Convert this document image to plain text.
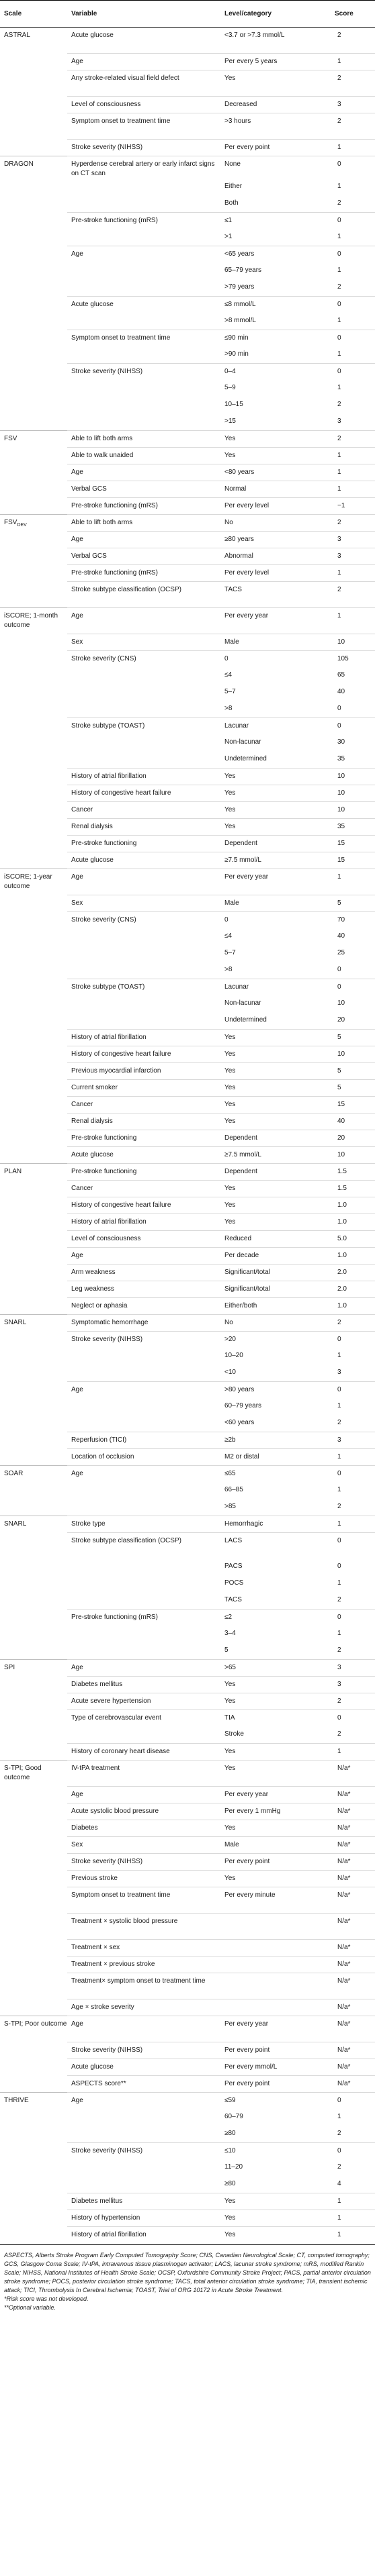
Scale	Variable	Level/category	Score
ASTRAL	Acute glucose	<3.7 or >7.3 mmol/L	2
	Age	Per every 5 years	1
	Any stroke-related visual field defect	Yes	2
	Level of consciousness	Decreased	3
	Symptom onset to treatment time	>3 hours	2
	Stroke severity (NIHSS)	Per every point	1
DRAGON	Hyperdense cerebral artery or early infarct signs on CT scan	None	0
		Either	1
		Both	2
	Pre-stroke functioning (mRS)	≤1	0
		>1	1
	Age	<65 years	0
		65–79 years	1
		>79 years	2
	Acute glucose	≤8 mmol/L	0
		>8 mmol/L	1
	Symptom onset to treatment time	≤90 min	0
		>90 min	1
	Stroke severity (NIHSS)	0–4	0
		5–9	1
		10–15	2
		>15	3
FSV	Able to lift both arms	Yes	2
	Able to walk unaided	Yes	1
	Age	<80 years	1
	Verbal GCS	Normal	1
	Pre-stroke functioning (mRS)	Per every level	−1
$FSV_{DEV}$	Able to lift both arms	No	2
	Age	≥80 years	3
	Verbal GCS	Abnormal	3
	Pre-stroke functioning (mRS)	Per every level	1
	Stroke subtype classification (OCSP)	TACS	2
iSCORE; 1-month outcome	Age	Per every year	1
	Sex	Male	10
	Stroke severity (CNS)	0	105
		≤4	65
		5–7	40
		>8	0
	Stroke subtype (TOAST)	Lacunar	0
		Non-lacunar	30
		Undetermined	35
	History of atrial fibrillation	Yes	10
	History of congestive heart failure	Yes	10
	Cancer	Yes	10
	Renal dialysis	Yes	35
	Pre-stroke functioning	Dependent	15
	Acute glucose	≥7.5 mmol/L	15
iSCORE; 1-year outcome	Age	Per every year	1
	Sex	Male	5
	Stroke severity (CNS)	0	70
		≤4	40
		5–7	25
		>8	0
	Stroke subtype (TOAST)	Lacunar	0
		Non-lacunar	10
		Undetermined	20
	History of atrial fibrillation	Yes	5
	History of congestive heart failure	Yes	10
	Previous myocardial infarction	Yes	5
	Current smoker	Yes	5
	Cancer	Yes	15
	Renal dialysis	Yes	40
	Pre-stroke functioning	Dependent	20
	Acute glucose	≥7.5 mmol/L	10
PLAN	Pre-stroke functioning	Dependent	1.5
	Cancer	Yes	1.5
	History of congestive heart failure	Yes	1.0
	History of atrial fibrillation	Yes	1.0
	Level of consciousness	Reduced	5.0
	Age	Per decade	1.0
	Arm weakness	Significant/total	2.0
	Leg weakness	Significant/total	2.0
	Neglect or aphasia	Either/both	1.0
SNARL	Symptomatic hemorrhage	No	2
	Stroke severity (NIHSS)	>20	0
		10–20	1
		<10	3
	Age	>80 years	0
		60–79 years	1
		<60 years	2
	Reperfusion (TICI)	≥2b	3
	Location of occlusion	M2 or distal	1
SOAR	Age	≤65	0
		66–85	1
		>85	2
SNARL	Stroke type	Hemorrhagic	1
	Stroke subtype classification (OCSP)	LACS	0
		PACS	0
		POCS	1
		TACS	2
	Pre-stroke functioning (mRS)	≤2	0
		3–4	1
		5	2
SPI	Age	>65	3
	Diabetes mellitus	Yes	3
	Acute severe hypertension	Yes	2
	Type of cerebrovascular event	TIA	0
		Stroke	2
	History of coronary heart disease	Yes	1
S-TPI; Good outcome	IV-tPA treatment	Yes	N/a*
	Age	Per every year	N/a*
	Acute systolic blood pressure	Per every 1 mmHg	N/a*
	Diabetes	Yes	N/a*
	Sex	Male	N/a*
	Stroke severity (NIHSS)	Per every point	N/a*
	Previous stroke	Yes	N/a*
	Symptom onset to treatment time	Per every minute	N/a*
	Treatment × systolic blood pressure		N/a*
	Treatment × sex		N/a*
	Treatment × previous stroke		N/a*
	Treatment× symptom onset to treatment time		N/a*
	Age × stroke severity		N/a*
S-TPI; Poor outcome	Age	Per every year	N/a*
	Stroke severity (NIHSS)	Per every point	N/a*
	Acute glucose	Per every mmol/L	N/a*
	ASPECTS score**	Per every point	N/a*
THRIVE	Age	≤59	0
		60–79	1
		≥80	2
	Stroke severity (NIHSS)	≤10	0
		11–20	2
		≥80	4
	Diabetes mellitus	Yes	1
	History of hypertension	Yes	1
	History of atrial fibrillation	Yes	1

ASPECTS, Alberts Stroke Program Early Computed Tomography Score; CNS, Canadian Neurological Scale; CT, computed tomography; GCS, Glasgow Coma Scale; IV-tPA, intravenous tissue plasminogen activator; LACS, lacunar stroke syndrome; mRS, modified Rankin Scale; NIHSS, National Institutes of Health Stroke Scale; OCSP, Oxfordshire Community Stroke Project; PACS, partial anterior circulation stroke syndrome; POCS, posterior circulation stroke syndrome; TACS, total anterior circulation stroke syndrome; TIA, transient ischemic attack; TICI, Thrombolysis In Cerebral Ischemia; TOAST, Trial of ORG 10172 in Acute Stroke Treatment.

*Risk score was not developed.

**Optional variable.
